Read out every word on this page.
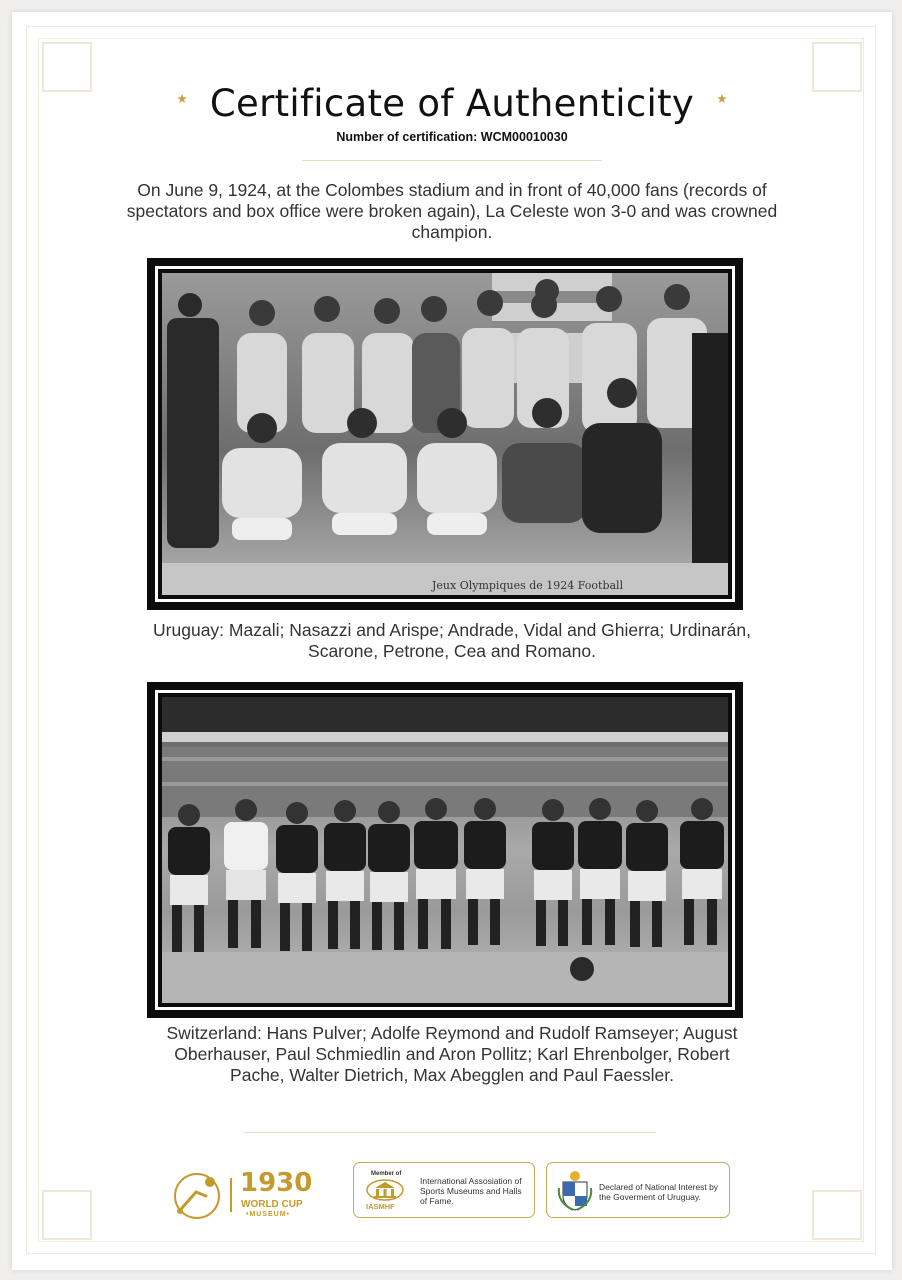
★ Certificate of Authenticity ★
Number of certification: WCM00010030
On June 9, 1924, at the Colombes stadium and in front of 40,000 fans (records of spectators and box office were broken again), La Celeste won 3-0 and was crowned champion.
Jeux Olympiques de 1924 Football
Uruguay: Mazali; Nasazzi and Arispe; Andrade, Vidal and Ghierra; Urdinarán, Scarone, Petrone, Cea and Romano.
Switzerland: Hans Pulver; Adolfe Reymond and Rudolf Ramseyer; August Oberhauser, Paul Schmiedlin and Aron Pollitz; Karl Ehrenbolger, Robert Pache, Walter Dietrich, Max Abegglen and Paul Faessler.
1930
WORLD CUP
•MUSEUM•
Member of
IASMHF
International Assosiation of Sports Museums and Halls of Fame.
Declared of National Interest by the Goverment of Uruguay.
